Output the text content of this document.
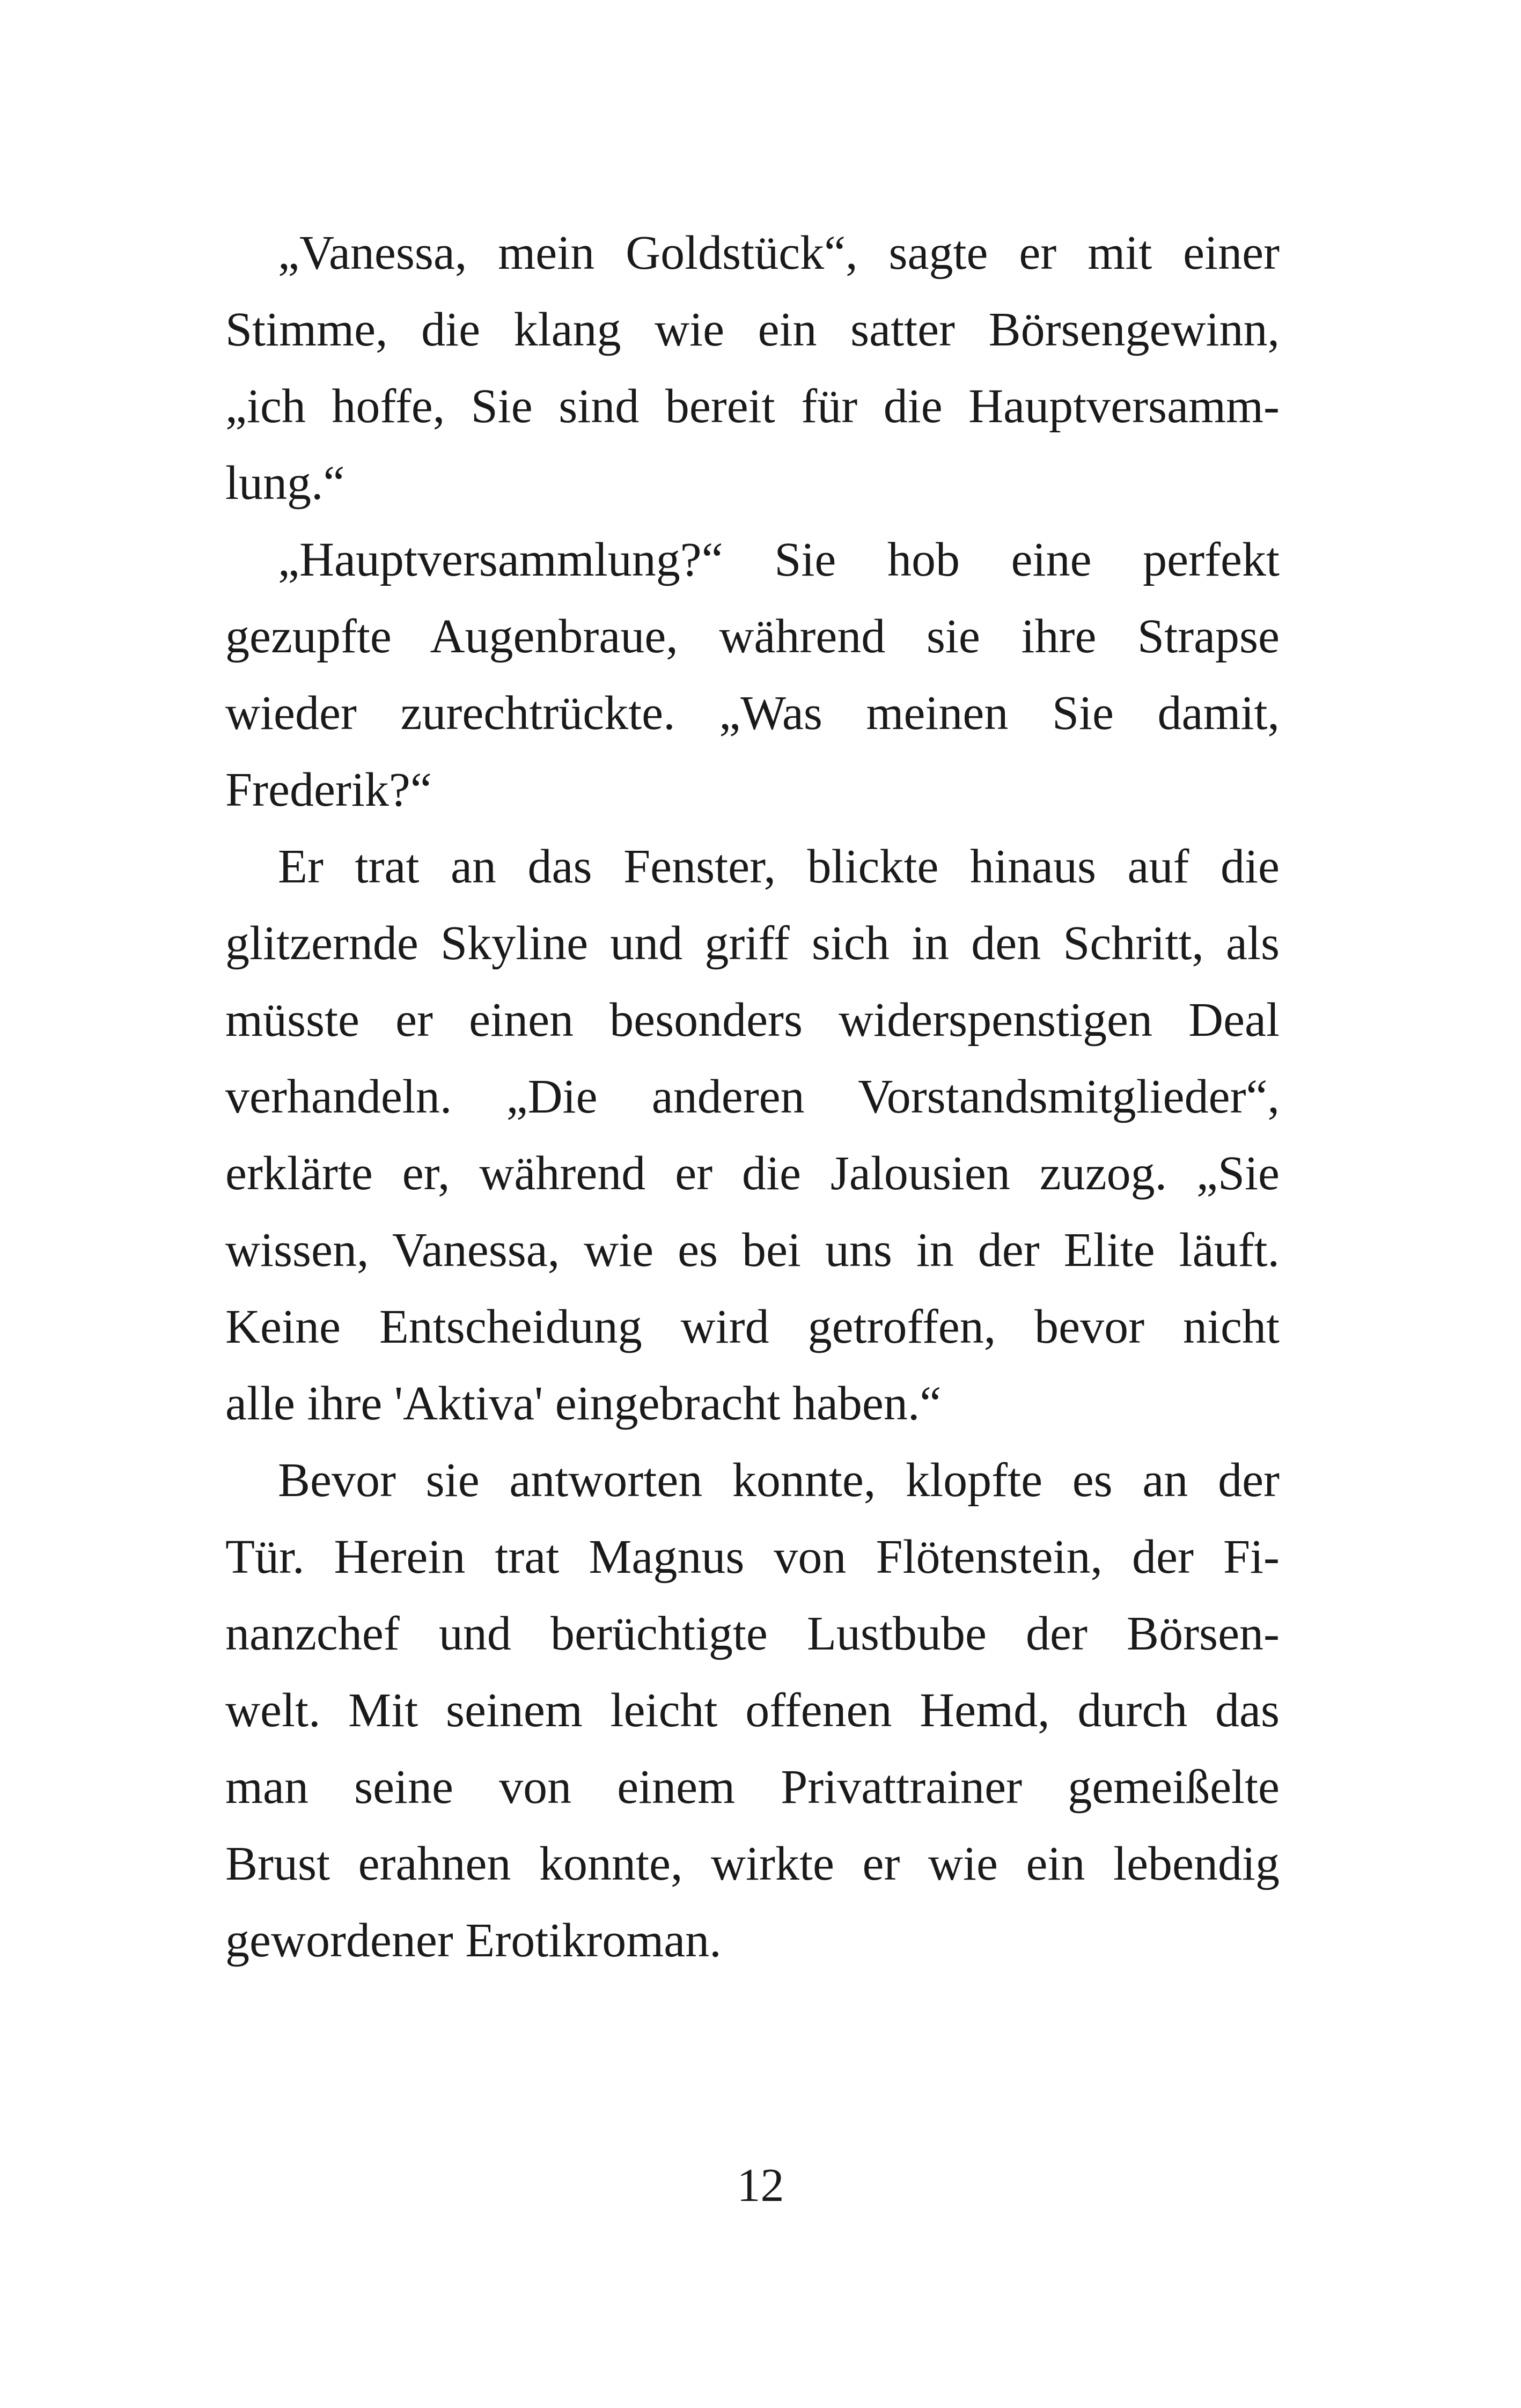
„Vanessa, mein Goldstück“, sagte er mit einer
Stimme, die klang wie ein satter Börsengewinn,
„ich hoffe, Sie sind bereit für die Hauptversamm-
lung.“
„Hauptversammlung?“ Sie hob eine perfekt
gezupfte Augenbraue, während sie ihre Strapse
wieder zurechtrückte. „Was meinen Sie damit,
Frederik?“
Er trat an das Fenster, blickte hinaus auf die
glitzernde Skyline und griff sich in den Schritt, als
müsste er einen besonders widerspenstigen Deal
verhandeln. „Die anderen Vorstandsmitglieder“,
erklärte er, während er die Jalousien zuzog. „Sie
wissen, Vanessa, wie es bei uns in der Elite läuft.
Keine Entscheidung wird getroffen, bevor nicht
alle ihre 'Aktiva' eingebracht haben.“
Bevor sie antworten konnte, klopfte es an der
Tür. Herein trat Magnus von Flötenstein, der Fi-
nanzchef und berüchtigte Lustbube der Börsen-
welt. Mit seinem leicht offenen Hemd, durch das
man seine von einem Privattrainer gemeißelte
Brust erahnen konnte, wirkte er wie ein lebendig
gewordener Erotikroman.
12
